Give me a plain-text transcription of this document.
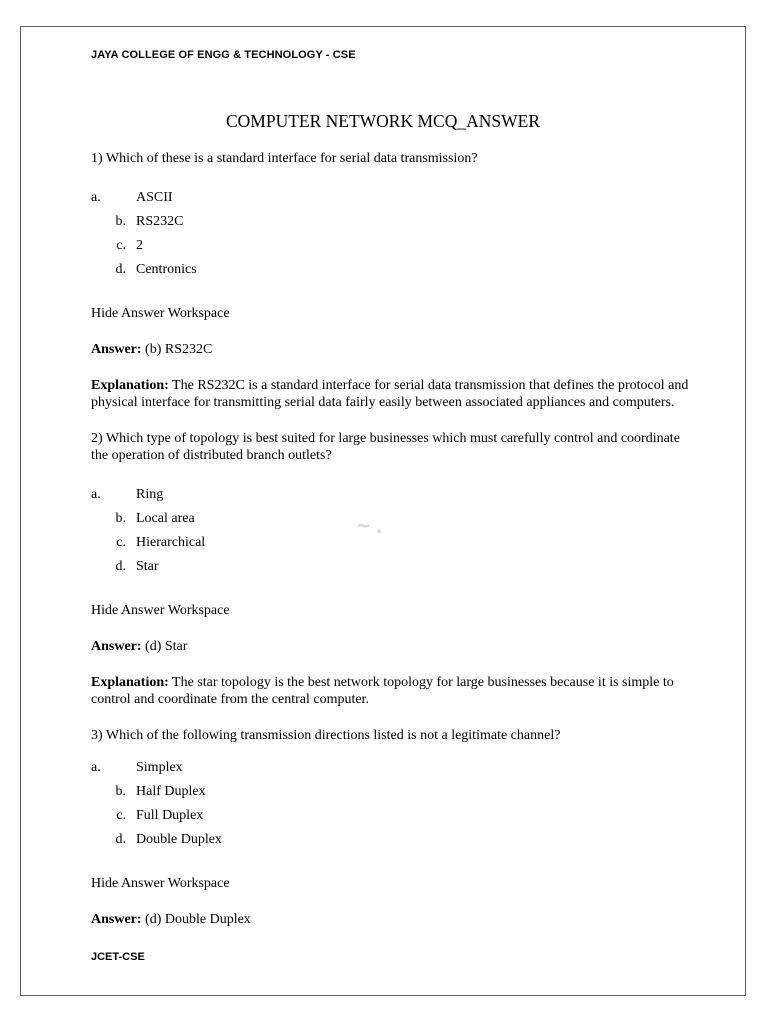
JAYA COLLEGE OF ENGG & TECHNOLOGY - CSE
COMPUTER NETWORK MCQ_ANSWER
~ .
1) Which of these is a standard interface for serial data transmission?
a.	ASCII
b. RS232C
c. 2
d. Centronics
Hide Answer Workspace
Answer: (b) RS232C
Explanation: The RS232C is a standard interface for serial data transmission that defines the protocol and physical interface for transmitting serial data fairly easily between associated appliances and computers.
2) Which type of topology is best suited for large businesses which must carefully control and coordinate the operation of distributed branch outlets?
a.	Ring
b. Local area
c. Hierarchical
d. Star
Hide Answer Workspace
Answer: (d) Star
Explanation: The star topology is the best network topology for large businesses because it is simple to control and coordinate from the central computer.
3) Which of the following transmission directions listed is not a legitimate channel?
a.	Simplex
b. Half Duplex
c. Full Duplex
d. Double Duplex
Hide Answer Workspace
Answer: (d) Double Duplex
JCET-CSE
